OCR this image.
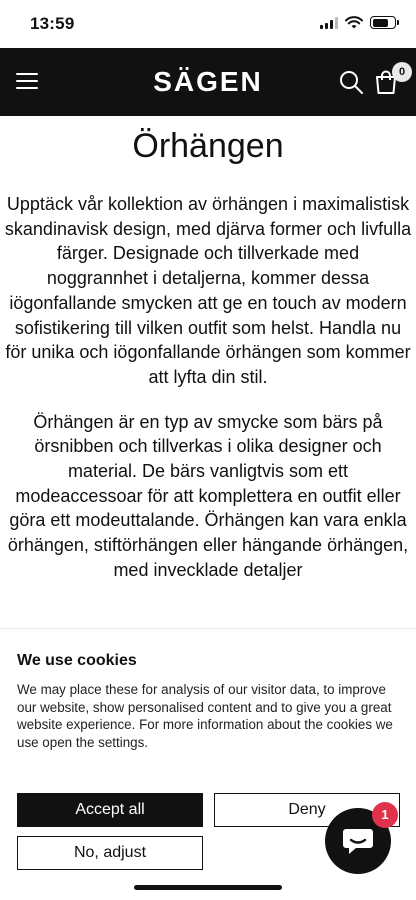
13:59
SÄGEN	0
Örhängen

Upptäck vår kollektion av örhängen i maximalistisk skandinavisk design, med djärva former och livfulla färger. Designade och tillverkade med noggrannhet i detaljerna, kommer dessa iögonfallande smycken att ge en touch av modern sofistikering till vilken outfit som helst. Handla nu för unika och iögonfallande örhängen som kommer att lyfta din stil.

Örhängen är en typ av smycke som bärs på örsnibben och tillverkas i olika designer och material. De bärs vanligtvis som ett modeaccessoar för att komplettera en outfit eller göra ett modeuttalande. Örhängen kan vara enkla örhängen, stiftörhängen eller hängande örhängen, med invecklade detaljer

We use cookies
We may place these for analysis of our visitor data, to improve our website, show personalised content and to give you a great website experience. For more information about the cookies we use open the settings.
Accept all	Deny
No, adjust
1
